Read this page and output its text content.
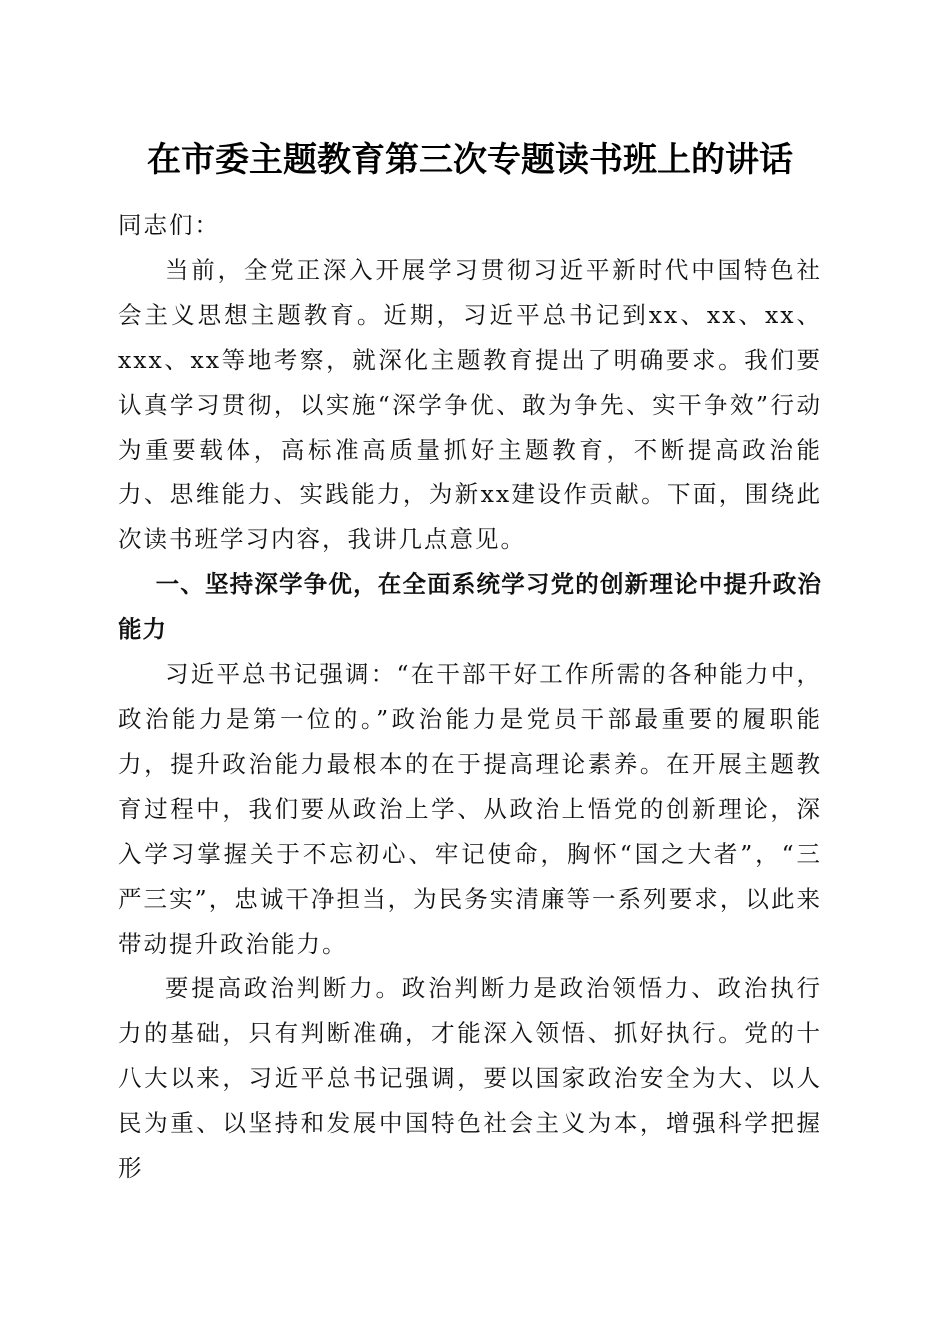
在市委主题教育第三次专题读书班上的讲话

同志们：

当前，全党正深入开展学习贯彻习近平新时代中国特色社会主义思想主题教育。近期，习近平总书记到xx、xx、xx、xxx、xx等地考察，就深化主题教育提出了明确要求。我们要认真学习贯彻，以实施“深学争优、敢为争先、实干争效”行动为重要载体，高标准高质量抓好主题教育，不断提高政治能力、思维能力、实践能力，为新xx建设作贡献。下面，围绕此次读书班学习内容，我讲几点意见。

一、坚持深学争优，在全面系统学习党的创新理论中提升政治能力

习近平总书记强调：“在干部干好工作所需的各种能力中，政治能力是第一位的。”政治能力是党员干部最重要的履职能力，提升政治能力最根本的在于提高理论素养。在开展主题教育过程中，我们要从政治上学、从政治上悟党的创新理论，深入学习掌握关于不忘初心、牢记使命，胸怀“国之大者”，“三严三实”，忠诚干净担当，为民务实清廉等一系列要求，以此来带动提升政治能力。

要提高政治判断力。政治判断力是政治领悟力、政治执行力的基础，只有判断准确，才能深入领悟、抓好执行。党的十八大以来，习近平总书记强调，要以国家政治安全为大、以人民为重、以坚持和发展中国特色社会主义为本，增强科学把握形
